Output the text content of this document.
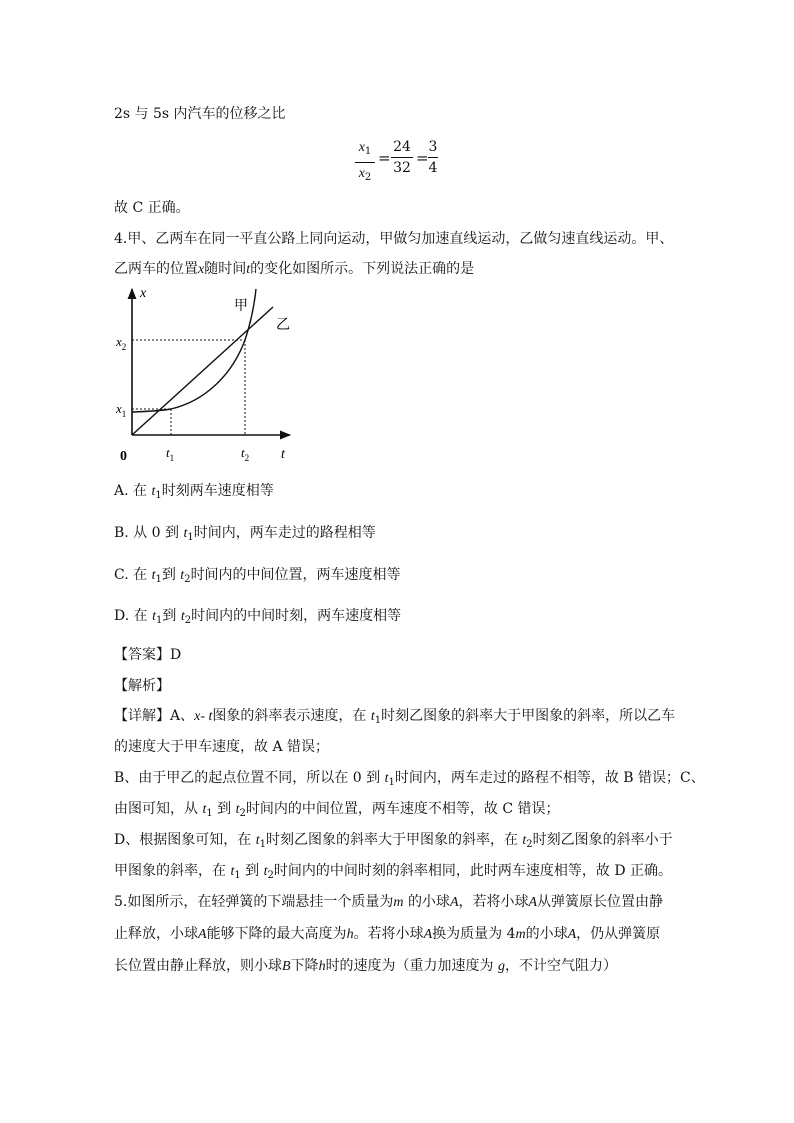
2s 与 5s 内汽车的位移之比
$x_1$
$x_2$
=
24
32
=
3
4
故 C 正确。
4.甲、乙两车在同一平直公路上同向运动，甲做匀加速直线运动，乙做匀速直线运动。甲、
乙两车的位置x随时间t的变化如图所示。下列说法正确的是
x
t
0
$x_2$
$x_1$
$t_1$	$t_2$
甲
乙
A. 在 $t_1$时刻两车速度相等
B. 从 0 到 $t_1$时间内，两车走过的路程相等
C. 在 $t_1$到 $t_2$时间内的中间位置，两车速度相等
D. 在 $t_1$到 $t_2$时间内的中间时刻，两车速度相等
【答案】D
【解析】
【详解】A、x- t图象的斜率表示速度，在 $t_1$时刻乙图象的斜率大于甲图象的斜率，所以乙车
的速度大于甲车速度，故 A 错误；
B、由于甲乙的起点位置不同，所以在 0 到 $t_1$时间内，两车走过的路程不相等，故 B 错误；C、
由图可知，从 $t_1$ 到 $t_2$时间内的中间位置，两车速度不相等，故 C 错误；
D、根据图象可知，在 $t_1$时刻乙图象的斜率大于甲图象的斜率，在 $t_2$时刻乙图象的斜率小于
甲图象的斜率，在 $t_1$ 到 $t_2$时间内的中间时刻的斜率相同，此时两车速度相等，故 D 正确。
5.如图所示，在轻弹簧的下端悬挂一个质量为m 的小球A，若将小球A从弹簧原长位置由静
止释放，小球A能够下降的最大高度为h。若将小球A换为质量为 4m的小球A，仍从弹簧原
长位置由静止释放，则小球B下降h时的速度为（重力加速度为 g，不计空气阻力）
